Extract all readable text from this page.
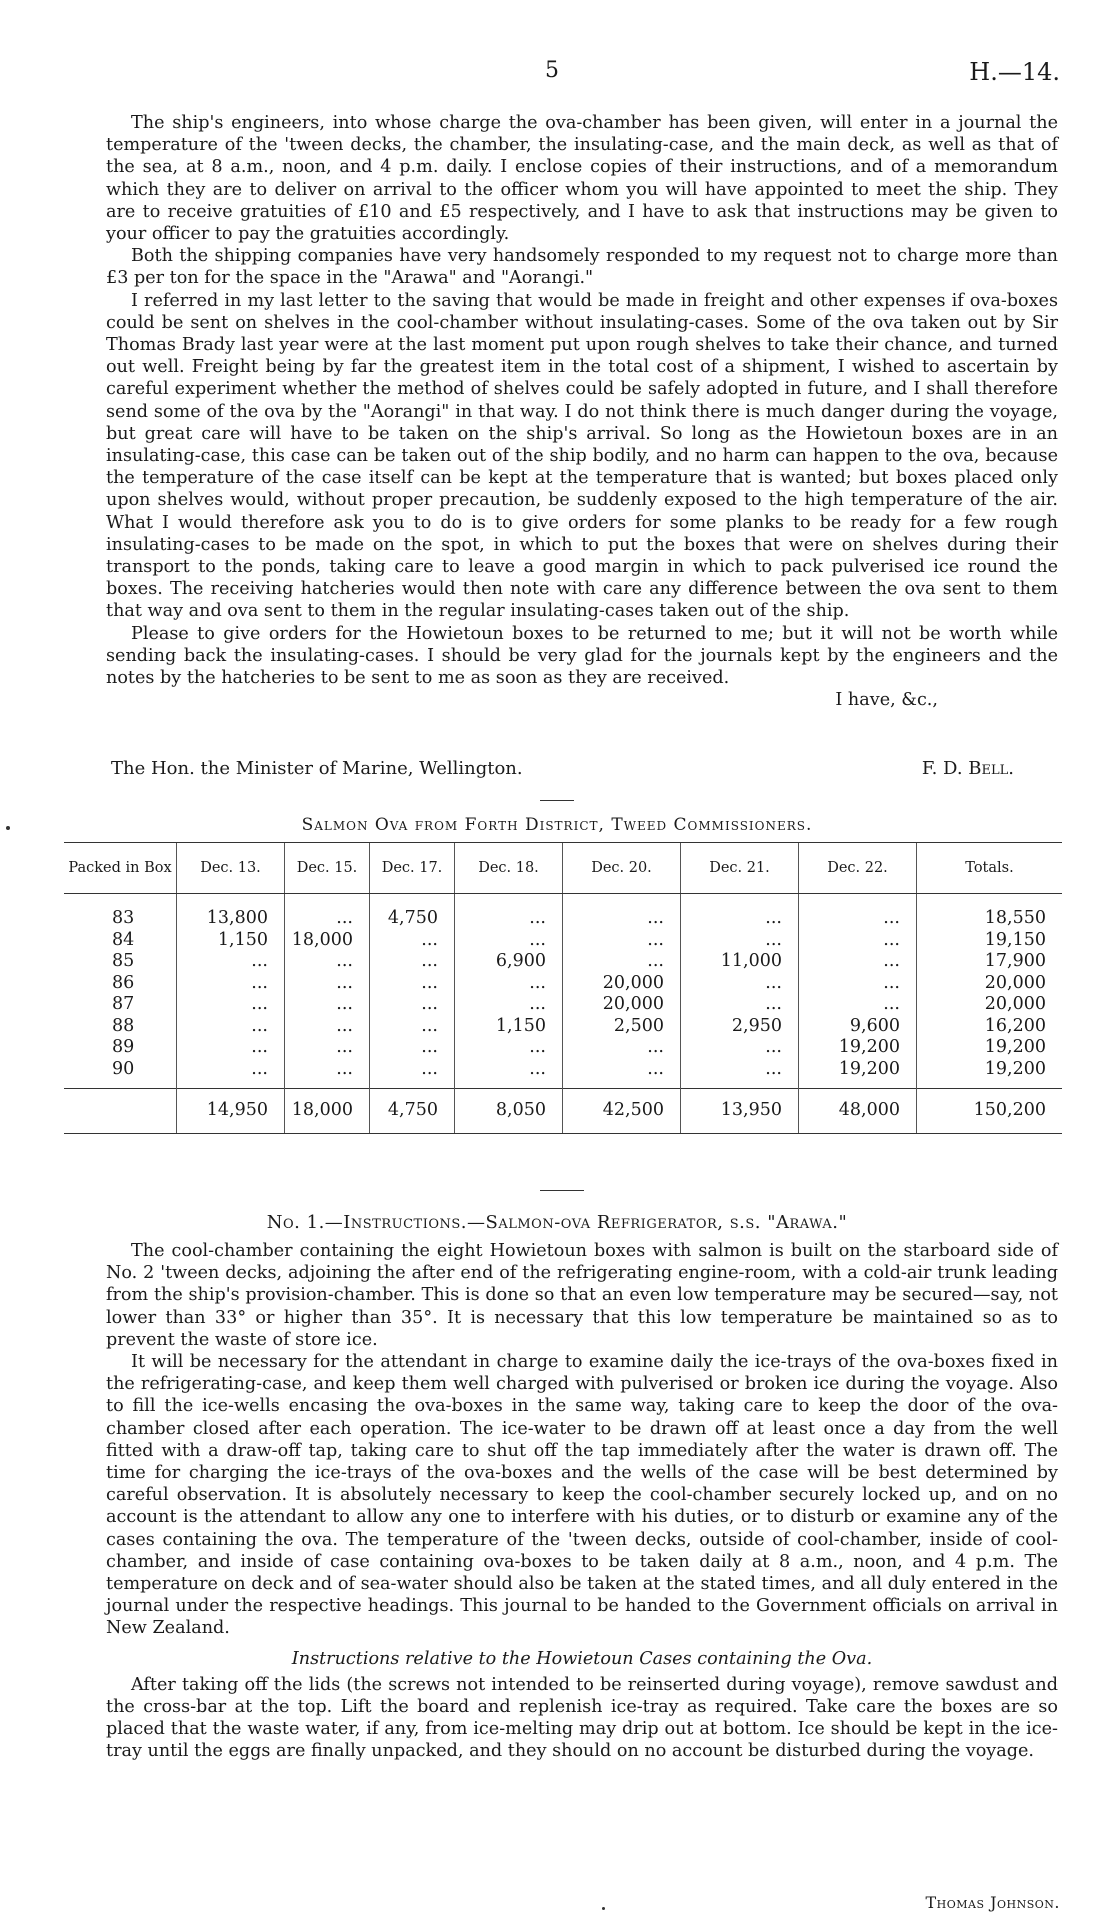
5	H.—14.

The ship's engineers, into whose charge the ova-chamber has been given, will enter in a journal the temperature of the 'tween decks, the chamber, the insulating-case, and the main deck, as well as that of the sea, at 8 a.m., noon, and 4 p.m. daily. I enclose copies of their instructions, and of a memorandum which they are to deliver on arrival to the officer whom you will have appointed to meet the ship. They are to receive gratuities of £10 and £5 respectively, and I have to ask that instructions may be given to your officer to pay the gratuities accordingly.

Both the shipping companies have very handsomely responded to my request not to charge more than £3 per ton for the space in the "Arawa" and "Aorangi."

I referred in my last letter to the saving that would be made in freight and other expenses if ova-boxes could be sent on shelves in the cool-chamber without insulating-cases. Some of the ova taken out by Sir Thomas Brady last year were at the last moment put upon rough shelves to take their chance, and turned out well. Freight being by far the greatest item in the total cost of a shipment, I wished to ascertain by careful experiment whether the method of shelves could be safely adopted in future, and I shall therefore send some of the ova by the "Aorangi" in that way. I do not think there is much danger during the voyage, but great care will have to be taken on the ship's arrival. So long as the Howietoun boxes are in an insulating-case, this case can be taken out of the ship bodily, and no harm can happen to the ova, because the temperature of the case itself can be kept at the temperature that is wanted; but boxes placed only upon shelves would, without proper precaution, be suddenly exposed to the high temperature of the air. What I would therefore ask you to do is to give orders for some planks to be ready for a few rough insulating-cases to be made on the spot, in which to put the boxes that were on shelves during their transport to the ponds, taking care to leave a good margin in which to pack pulverised ice round the boxes. The receiving hatcheries would then note with care any difference between the ova sent to them that way and ova sent to them in the regular insulating-cases taken out of the ship.

Please to give orders for the Howietoun boxes to be returned to me; but it will not be worth while sending back the insulating-cases. I should be very glad for the journals kept by the engineers and the notes by the hatcheries to be sent to me as soon as they are received.

I have, &c.,
The Hon. the Minister of Marine, Wellington.	F. D. Bell.
Salmon Ova from Forth District, Tweed Commissioners.
Packed in Box	Dec. 13.	Dec. 15.	Dec. 17.	Dec. 18.	Dec. 20.	Dec. 21.	Dec. 22.	Totals.
83	13,800	...	4,750	...	...	...	...	18,550
84	1,150	18,000	...	...	...	...	...	19,150
85	...	...	...	6,900	...	11,000	...	17,900
86	...	...	...	...	20,000	...	...	20,000
87	...	...	...	...	20,000	...	...	20,000
88	...	...	...	1,150	2,500	2,950	9,600	16,200
89	...	...	...	...	...	...	19,200	19,200
90	...	...	...	...	...	...	19,200	19,200
	14,950	18,000	4,750	8,050	42,500	13,950	48,000	150,200
No. 1.—Instructions.—Salmon-ova Refrigerator, s.s. "Arawa."

The cool-chamber containing the eight Howietoun boxes with salmon is built on the starboard side of No. 2 'tween decks, adjoining the after end of the refrigerating engine-room, with a cold-air trunk leading from the ship's provision-chamber. This is done so that an even low temperature may be secured—say, not lower than 33° or higher than 35°. It is necessary that this low temperature be maintained so as to prevent the waste of store ice.

It will be necessary for the attendant in charge to examine daily the ice-trays of the ova-boxes fixed in the refrigerating-case, and keep them well charged with pulverised or broken ice during the voyage. Also to fill the ice-wells encasing the ova-boxes in the same way, taking care to keep the door of the ova-chamber closed after each operation. The ice-water to be drawn off at least once a day from the well fitted with a draw-off tap, taking care to shut off the tap immediately after the water is drawn off. The time for charging the ice-trays of the ova-boxes and the wells of the case will be best determined by careful observation. It is absolutely necessary to keep the cool-chamber securely locked up, and on no account is the attendant to allow any one to interfere with his duties, or to disturb or examine any of the cases containing the ova. The temperature of the 'tween decks, outside of cool-chamber, inside of cool-chamber, and inside of case containing ova-boxes to be taken daily at 8 a.m., noon, and 4 p.m. The temperature on deck and of sea-water should also be taken at the stated times, and all duly entered in the journal under the respective headings. This journal to be handed to the Government officials on arrival in New Zealand.

Instructions relative to the Howietoun Cases containing the Ova.

After taking off the lids (the screws not intended to be reinserted during voyage), remove sawdust and the cross-bar at the top. Lift the board and replenish ice-tray as required. Take care the boxes are so placed that the waste water, if any, from ice-melting may drip out at bottom. Ice should be kept in the ice-tray until the eggs are finally unpacked, and they should on no account be disturbed during the voyage.

Thomas Johnson.
